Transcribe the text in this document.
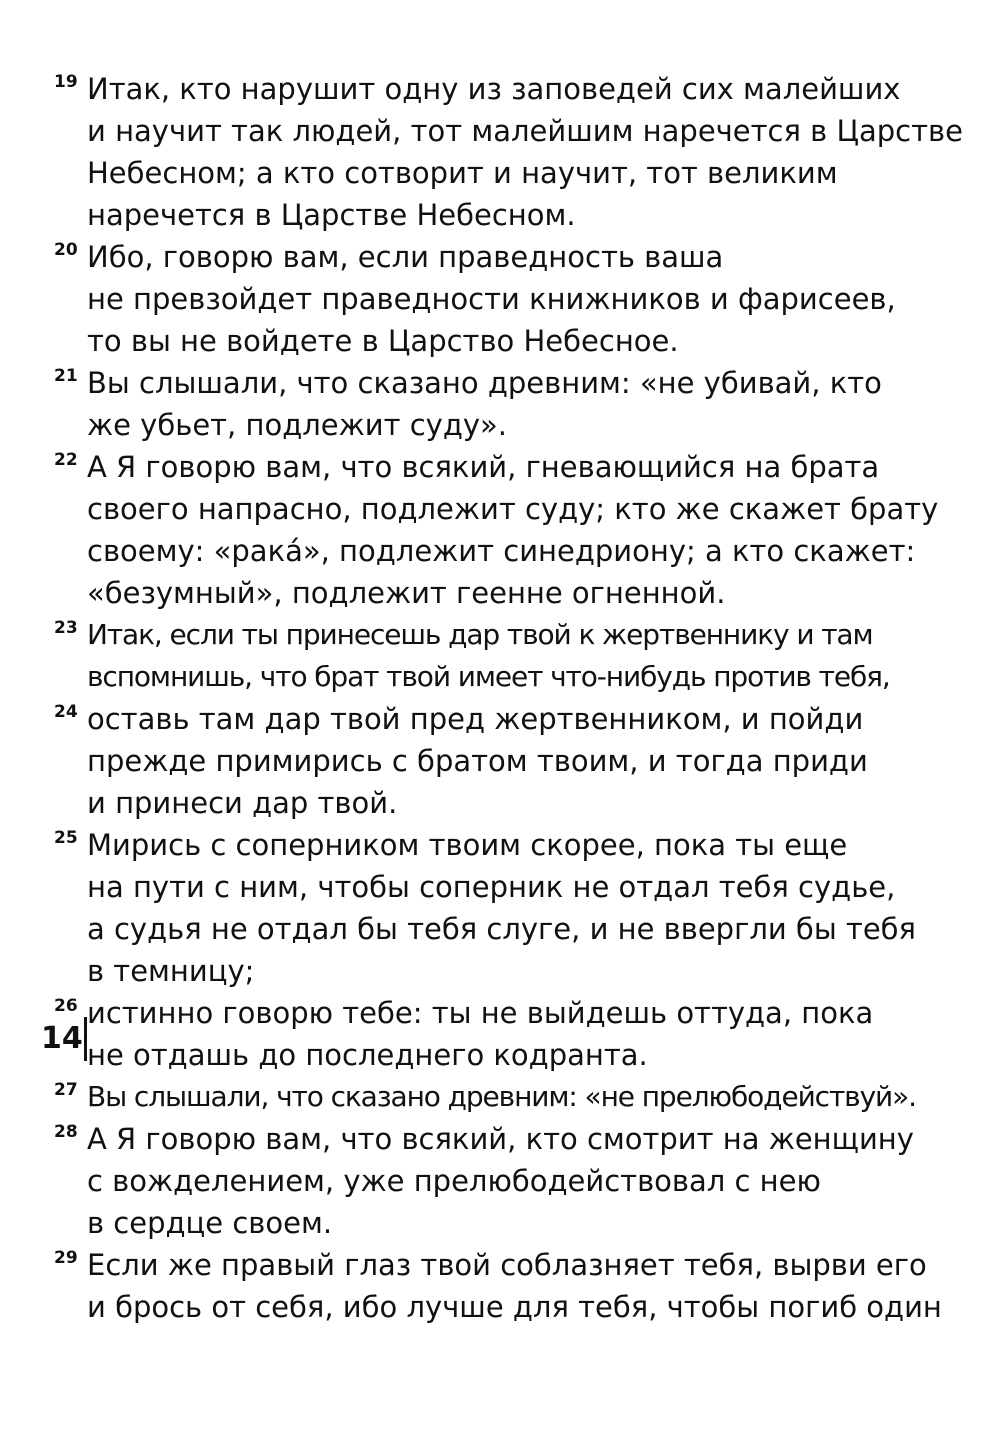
19 Итак, кто нарушит одну из заповедей сих малейших
и научит так людей, тот малейшим наречется в Царстве
Небесном; а кто сотворит и научит, тот великим
наречется в Царстве Небесном.
20 Ибо, говорю вам, если праведность ваша
не превзойдет праведности книжников и фарисеев,
то вы не войдете в Царство Небесное.
21 Вы слышали, что сказано древним: «не убивай, кто
же убьет, подлежит суду».
22 А Я говорю вам, что всякий, гневающийся на брата
своего напрасно, подлежит суду; кто же скажет брату
своему: «ракá», подлежит синедриону; а кто скажет:
«безумный», подлежит геенне огненной.
23 Итак, если ты принесешь дар твой к жертвеннику и там
вспомнишь, что брат твой имеет что-нибудь против тебя,
24 оставь там дар твой пред жертвенником, и пойди
прежде примирись с братом твоим, и тогда приди
и принеси дар твой.
25 Мирись с соперником твоим скорее, пока ты еще
на пути с ним, чтобы соперник не отдал тебя судье,
а судья не отдал бы тебя слуге, и не ввергли бы тебя
в темницу;
26 истинно говорю тебе: ты не выйдешь оттуда, пока
не отдашь до последнего кодранта.
27 Вы слышали, что сказано древним: «не прелюбодействуй».
28 А Я говорю вам, что всякий, кто смотрит на женщину
с вожделением, уже прелюбодействовал с нею
в сердце своем.
29 Если же правый глаз твой соблазняет тебя, вырви его
и брось от себя, ибо лучше для тебя, чтобы погиб один
14
